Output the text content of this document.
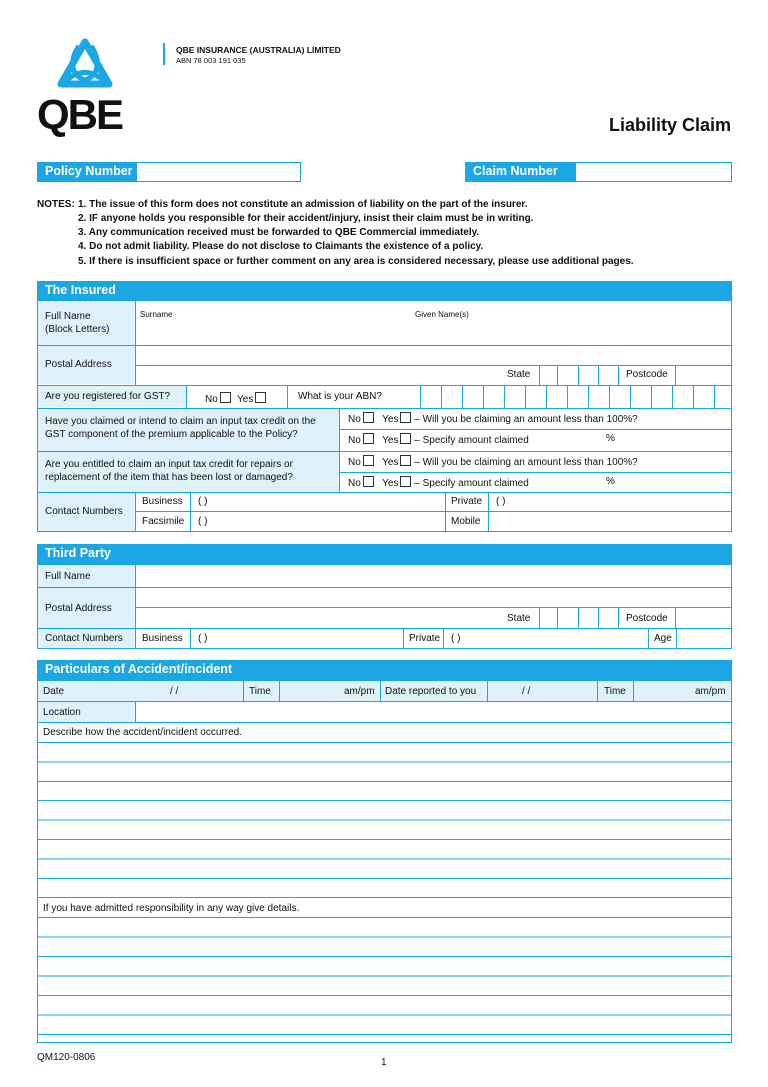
QBE
QBE INSURANCE (AUSTRALIA) LIMITED
ABN 78 003 191 035
Liability Claim
Policy Number	Claim Number
NOTES: 1. The issue of this form does not constitute an admission of liability on the part of the insurer.
2. IF anyone holds you responsible for their accident/injury, insist their claim must be in writing.
3. Any communication received must be forwarded to QBE Commercial immediately.
4. Do not admit liability. Please do not disclose to Claimants the existence of a policy.
5. If there is insufficient space or further comment on any area is considered necessary, please use additional pages.
The Insured
Full Name
(Block Letters)
Surname	Given Name(s)
Postal Address
State	Postcode
Are you registered for GST?	No	Yes	What is your ABN?
Have you claimed or intend to claim an input tax credit on the
GST component of the premium applicable to the Policy?
No Yes – Will you be claiming an amount less than 100%?
No Yes – Specify amount claimed	%
Are you entitled to claim an input tax credit for repairs or
replacement of the item that has been lost or damaged?
No Yes – Will you be claiming an amount less than 100%?
No Yes – Specify amount claimed	%
Contact Numbers
Business ( )	Private ( )
Facsimile ( )	Mobile
Third Party
Full Name
Postal Address
State	Postcode
Contact Numbers Business ( )	Private ( )	Age
Particulars of Accident/incident
Date	/ /	Time	am/pm Date reported to you	/ /	Time	am/pm
Location
Describe how the accident/incident occurred.
If you have admitted responsibility in any way give details.
QM120-0806	1
